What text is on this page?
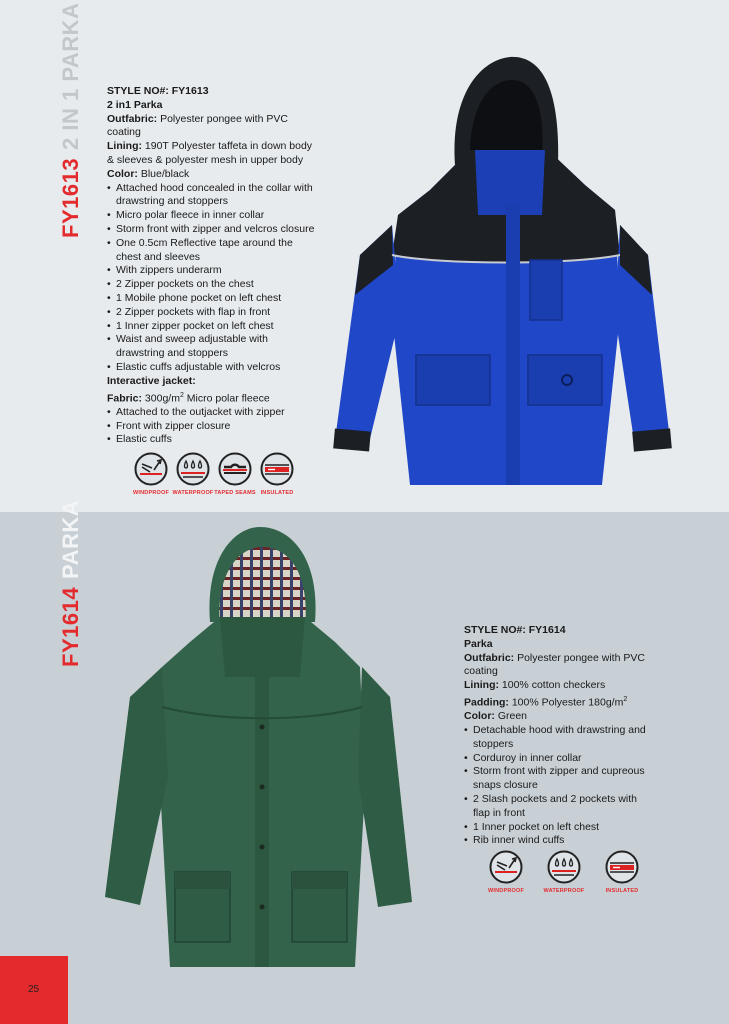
FY16132 IN 1 PARKA STYLE NO#: FY1613

2 in1 Parka

Outfabric: Polyester pongee with PVC coating

Lining: 190T Polyester taffeta in down body & sleeves & polyester mesh in upper body

Color: Blue/black

• Attached hood concealed in the collar with drawstring and stoppers
• Micro polar fleece in inner collar
• Storm front with zipper and velcros closure
• One 0.5cm Reflective tape around the chest and sleeves
• With zippers underarm
• 2 Zipper pockets on the chest
• 1 Mobile phone pocket on left chest
• 2 Zipper pockets with flap in front
• 1 Inner zipper pocket on left chest
• Waist and sweep adjustable with drawstring and stoppers
• Elastic cuffs adjustable with velcros

Interactive jacket:

Fabric: $300g/m^2$ Micro polar fleece

• Attached to the outjacket with zipper
• Front with zipper closure
• Elastic cuffs
WINDPROOF WATERPROOF TAPED SEAMS INSULATED
FY1614PARKA

STYLE NO#: FY1614

Parka

Outfabric: Polyester pongee with PVC coating

Lining: 100% cotton checkers

Padding: 100% Polyester $180g/m^2$

Color: Green

• Detachable hood with drawstring and stoppers
• Corduroy in inner collar
• Storm front with zipper and cupreous snaps closure
• 2 Slash pockets and 2 pockets with flap in front
• 1 Inner pocket on left chest
• Rib inner wind cuffs
WINDPROOF	WATERPROOF	INSULATED
25
